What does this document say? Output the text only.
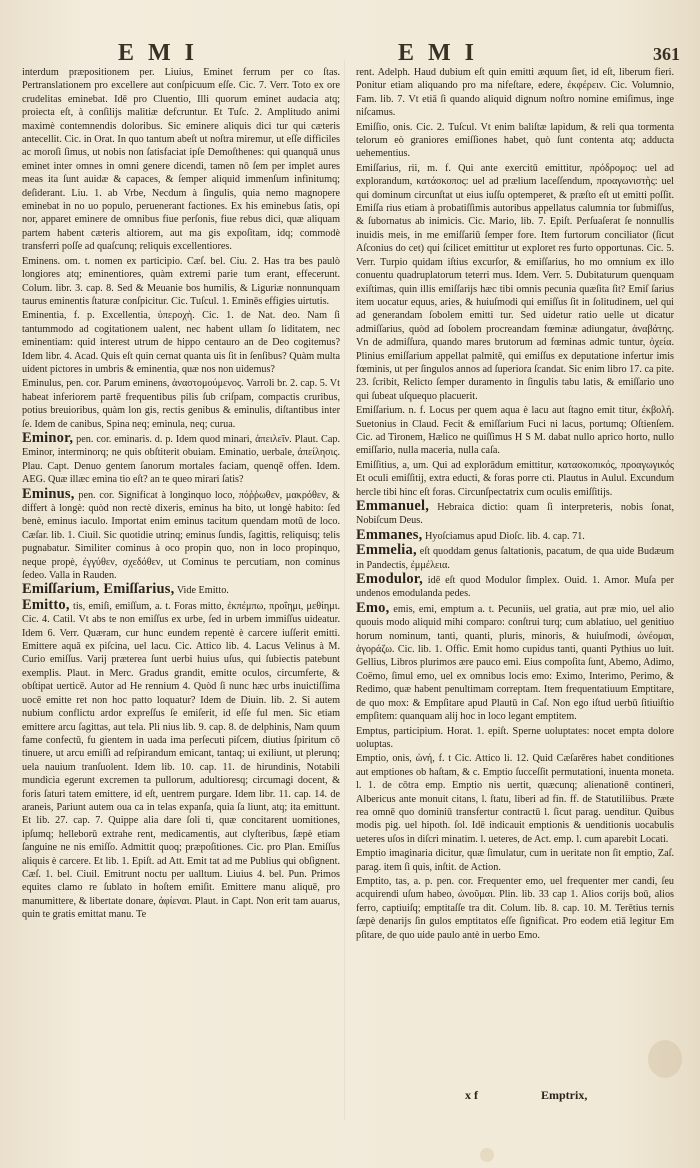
EMI	EMI	361
interdum præpositionem per. Liuius, Eminet ferrum per co ſtas. Pertranslationem pro excellere aut conſpicuum eſſe. Cic. 7. Verr. Toto ex ore crudelitas eminebat. Idē pro Cluentio, Illi quorum eminet audacia atq; proiecta eſt, à conſilijs malitiæ defcruntur. Et Tuſc. 2. Amplitudo animi maximè contemnendis doloribus. Sic eminere aliquis dici tur qui cæteris antecellit. Cic. in Orat. In quo tantum abeſt ut noſtra miremur, ut eſſe difficiles ac moroſi ſimus, ut nobis non ſatisfaciat ipſe Demoſthenes: qui quanquā unus eminet inter omnes in omni genere dicendi, tamen nō ſem per implet aures meas ita ſunt auidæ & capaces, & ſemper aliquid immenſum infinitumq; deſiderant. Liu. 1. ab Vrbe, Necdum à ſingulis, quia nemo magnopere eminebat in no uo populo, peruenerant factiones. Ex his eminebus ſatis, opi nor, apparet eminere de omnibus fiue perſonis, fiue rebus dici, quæ aliquam partem habent cæteris altiorem, aut ma gis expoſitam, idq; commodè transferri poſſe ad quaſcunq; reliquis excellentiores.
Eminens. om. t. nomen ex participio. Cæſ. bel. Ciu. 2. Has tra bes paulò longiores atq; eminentiores, quàm extremi parie tum erant, effecerunt. Colum. libr. 3. cap. 8. Sed & Meuanie bos humilis, & Liguriæ nonnunquam taurus eminentis ſtaturæ conſpicitur. Cic. Tuſcul. 1. Eminēs effigies uirtutis.
Eminentia, f. p. Excellentia, ὑπεροχὴ. Cic. 1. de Nat. deo. Nam ſi tantummodo ad cogitationem ualent, nec habent ullam ſo liditatem, nec eminentiam: quid interest utrum de hippo centauro an de Deo cogitemus? Idem libr. 4. Acad. Quis eſt quin cernat quanta uis ſit in ſenſibus? Quàm multa uident pictores in umbris & eminentia, quæ nos non uidemus?
Eminulus, pen. cor. Parum eminens, ἀναστομούμενος. Varroli br. 2. cap. 5. Vt habeat inferiorem partē frequentibus pilis ſub criſpam, compactis cruribus, potius breuioribus, quàm lon gis, rectis genibus & eminulis, diſtantibus inter ſe. Idem de canibus, Spina neq; eminula, neq; curua.
Eminor, pen. cor. eminaris. d. p. Idem quod minari, ἀπειλεῖν. Plaut. Cap. Eminor, interminorq; ne quis obſtiterit obuiam. Eminatio, uerbale, ἀπείλησις. Plau. Capt. Denuo gentem ſanorum mortales faciam, quenqē offen. Idem. AEG. Quæ illæc emina tio eſt? an te queo mirari ſatis?
Eminus, pen. cor. Significat à longinquo loco, πόῤῥωθεν, μακρόθεν, & differt à longè: quòd non rectè dixeris, eminus ha bito, ut longè habito: ſed benè, eminus iaculo. Importat enim eminus tacitum quendam motū de loco. Cæſar. lib. 1. Ciuil. Sic quotidie utrinq; eminus ſundis, ſagittis, reliquisq; telis pugnabatur. Similiter cominus à oco propin quo, non in loco propinquo, neque propè, ἐγγύθεν, σχεδόθεν, ut Cominus te percutiam, non cominus ſedeo. Valla in Rauden.
Emiſſarium, Emiſſarius, Vide Emitto.
Emitto, tis, emiſi, emiſſum, a. t. Foras mitto, ἐκπέμπω, προΐημι, μεθίημι. Cic. 4. Catil. Vt abs te non emiſſus ex urbe, ſed in urbem immiſſus uideatur. Idem 6. Verr. Quæram, cur hunc eundem repentè è carcere iuſſerit emitti. Emittere aquā ex piſcina, uel lacu. Cic. Attico lib. 4. Lacus Velinus à M. Curio emiſſus. Varij præterea ſunt uerbi huius uſus, qui ſubiectis patebunt exemplis. Plaut. in Merc. Gradus grandit, emitte oculos, circumferte, & obſtipat uerticē. Autor ad He rennium 4. Quòd ſi nunc hæc urbs inuictiſſima uocē emitte ret non hoc patto loquatur? Idem de Diuin. lib. 2. Si autem nubium conflictu ardor expreſſus ſe emiſerit, id eſſe ful men. Sic etiam emittere arcu ſagittas, aut tela. Pli nius lib. 9. cap. 8. de delphinis, Nam quum fame confectū, fu gientem in uada ima perſecuti piſcem, diutius ſpiritum cō tinuere, ut arcu emiſſi ad reſpirandum emicant, tantaq; ui exiliunt, ut plerunq; uela nauium tranſuolent. Idem lib. 10. cap. 11. de hirundinis, Notabili mundicia egerunt excremen ta pullorum, adultioresq; circumagi docent, & foris ſaturi tatem emittere, id eſt, uentrem purgare. Idem libr. 11. cap. 14. de araneis, Pariunt autem oua ca in telas expanſa, quia ſa liunt, atq; ita emittunt. Et lib. 27. cap. 7. Quippe alia dare ſoli ti, quæ concitarent uomitiones, ipſumq; helleborū extrahe rent, medicamentis, aut clyſteribus, ſæpè etiam ſanguine ne nis emiſſo. Admittit quoq; præpoſitiones. Cic. pro Plan. Emiſſus aliquis è carcere. Et lib. 1. Epiſt. ad Att. Emit tat ad me Publius qui obſignent. Cæſ. 1. bel. Ciuil. Emitrunt noctu per ualltum. Liuius 4. bel. Pun. Primos equites clamo re ſublato in hoſtem emiſit. Emittere manu aliquē, pro manumittere, & libertate donare, ἀφίεναι. Plaut. in Capt. Non erit tam auarus, quin te gratis emittat manu. Te
rent. Adelph. Haud dubium eſt quin emitti æquum ſiet, id eſt, liberum fieri. Ponitur etiam aliquando pro ma nifeſtare, edere, ἐκφέρειν. Cic. Volumnio, Fam. lib. 7. Vt etiā ſi quando aliquid dignum noſtro nomine emiſimus, inge niſcamus.
Emiſſio, onis. Cic. 2. Tuſcul. Vt enim baliſtæ lapidum, & reli qua tormenta telorum eò graniores emiſſiones habet, quò ſunt contenta atq; adducta uehementius.
Emiſſarius, rii, m. f. Qui ante exercitū emittitur, πρόδρομος: uel ad explorandum, κατάσκοπος: uel ad prælium laceſſendum, προαγωνιστὴς: uel qui dominum circunſtat ut eius iuſſu optemperet, & præſto eſt ut emitti poſſit. Emiſſa rius etiam à probatiſſimis autoribus appellatus calumnia tor ſubmiſſus, & ſubornatus ab inimicis. Cic. Mario, lib. 7. Epiſt. Perſuaſerat ſe nonnullis inuidis meis, in me emiſſariū ſemper fore. Item furtorum conciliator (ſicut Aſconius do cet) qui ſcilicet emittitur ut exploret res furto opportunas. Cic. 5. Verr. Turpio quidam iſtius excurſor, & emiſſarius, ho mo omnium ex illo conuentu quadruplatorum teterri mus. Idem. Verr. 5. Dubitaturum quenquam exiſtimas, quin illis emiſſarijs hæc tibi omnis pecunia quæſita ſit? Emiſ ſarius item uocatur equus, aries, & huiuſmodi qui emiſſus ſit in ſolitudinem, uel qui ad generandam ſobolem emitti tur. Sed uidetur ratio uelle ut dicatur admiſſarius, quòd ad ſobolem procreandam fœminæ adiungatur, ἀναβάτης. Vn de admiſſura, quando mares brutorum ad fœminas admic tuntur, ὀχεία. Plinius emiſſarium appellat palmitē, qui emiſſus ex deputatione infertur imis fœminis, ut per ſingulos annos ad ſuperiora ſcandat. Sic enim libro 17. ca pite. 23. ſcribit, Relicto ſemper duramento in ſingulis tabu latis, & emiſſario uno qui ſubeat uſquequo placuerit.
Emiſſarium. n. f. Locus per quem aqua è lacu aut ſtagno emit titur, ἐκβολή. Suetonius in Claud. Fecit & emiſſarium Fuci ni lacus, portumq; Oſtienſem. Cic. ad Tironem, Hælico ne quiſſimus H S M. dabat nullo aprico horto, nullo emiſſario, nulla maceria, nulla caſa.
Emiſſitius, a, um. Qui ad explorādum emittitur, κατασκοπικός, προαγωγικός Et oculi emiſſitij, extra educti, & foras porre cti. Plautus in Aulul. Excundum hercle tibi hinc eſt foras. Circunſpectatrix cum oculis emiſſitijs.
Emmanuel, Hebraica dictio: quam ſi interpreteris, nobis ſonat, Nobiſcum Deus.
Emmanes, Hyoſciamus apud Dioſc. lib. 4. cap. 71.
Emmelia, eſt quoddam genus ſaltationis, pacatum, de qua uide Budæum in Pandectis, ἐμμέλεια.
Emodulor, idē eſt quod Modulor ſimplex. Ouid. 1. Amor. Muſa per undenos emodulanda pedes.
Emo, emis, emi, emptum a. t. Pecuniis, uel gratia, aut præ mio, uel alio quouis modo aliquid mihi comparo: conſtrui turq; cum ablatiuo, uel genitiuo horum nominum, tanti, quanti, pluris, minoris, & huiuſmodi, ὠνέομαι, ἀγοράζω. Cic. lib. 1. Offic. Emit homo cupidus tanti, quanti Pythius uo luit. Gellius, Libros plurimos ære pauco emi. Eius compoſita ſunt, Abemo, Adimo, Coëmo, ſimul emo, uel ex omnibus locis emo: Eximo, Interimo, Perimo, & Redimo, quæ habent penultimam correptam. Item frequentatiuum Emptitare, de quo mox: & Empſitare apud Plautū in Caſ. Non ego iſtud uerbū ſitiuiſtio empſitem: quanquam alij hoc in loco legant emptitem.
Emptus, participium. Horat. 1. epiſt. Sperne uoluptates: nocet empta dolore uoluptas.
Emptio, onis, ὠνή, f. t Cic. Attico li. 12. Quid Cæſarēres habet conditiones aut emptiones ob haſtam, & c. Emptio ſucceſſit permutationi, inuenta moneta. l. 1. de cōtra emp. Emptio nis uertit, quæcunq; alienationē contineri, Albericus ante monuit citans, l. ſtatu, liberi ad fin. ff. de Statutiliibus. Præte rea omnē quo dominiū transfertur contractū l. ſicut parag. uenditur. Quibus modis pig. uel hipoth. ſol. Idē indicauit emptionis & uenditionis uocabulis ueteres uſos in diſcri minatim. l. ueteres, de Act. emp. l. cum aparebit Locati.
Emptio imaginaria dicitur, quæ ſimulatur, cum in ueritate non ſit emptio, Zaſ. parag. item ſi quis, inſtit. de Action.
Emptito, tas, a. p. pen. cor. Frequenter emo, uel frequenter mer candi, ſeu acquirendi uſum habeo, ὠνοῦμαι. Plin. lib. 33 cap 1. Alios corijs boū, alios ferro, captiuiſq; emptitaſſe tra dit. Colum. lib. 8. cap. 10. M. Terētius ternis ſæpè denarijs ſin gulos emptitatos eſſe ſignificat. Pro eodem etiā legitur Em pſitare, de quo uide paulo antè in uerbo Emo.
x f	Emptrix,
